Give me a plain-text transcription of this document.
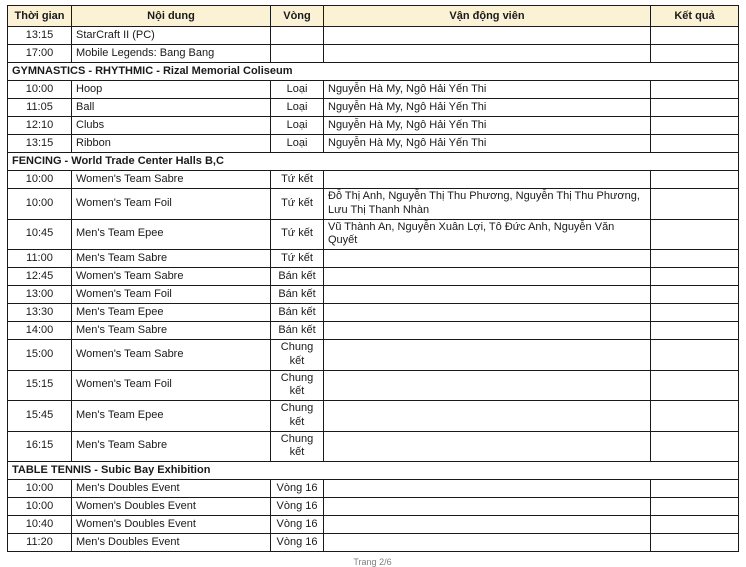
Thời gian	Nội dung	Vòng	Vận động viên	Kết quả
13:15	StarCraft II (PC)			
17:00	Mobile Legends: Bang Bang			
GYMNASTICS - RHYTHMIC - Rizal Memorial Coliseum				
10:00	Hoop	Loại	Nguyễn Hà My, Ngô Hải Yến Thi	
11:05	Ball	Loại	Nguyễn Hà My, Ngô Hải Yến Thi	
12:10	Clubs	Loại	Nguyễn Hà My, Ngô Hải Yến Thi	
13:15	Ribbon	Loại	Nguyễn Hà My, Ngô Hải Yến Thi	
FENCING - World Trade Center Halls B,C				
10:00	Women's Team Sabre	Tứ kết		
10:00	Women's Team Foil	Tứ kết	Đỗ Thị Anh, Nguyễn Thị Thu Phương, Nguyễn Thị Thu Phương, Lưu Thị Thanh Nhàn	
10:45	Men's Team Epee	Tứ kết	Vũ Thành An, Nguyễn Xuân Lợi, Tô Đức Anh, Nguyễn Văn Quyết	
11:00	Men's Team Sabre	Tứ kết		
12:45	Women's Team Sabre	Bán kết		
13:00	Women's Team Foil	Bán kết		
13:30	Men's Team Epee	Bán kết		
14:00	Men's Team Sabre	Bán kết		
15:00	Women's Team Sabre	Chung kết		
15:15	Women's Team Foil	Chung kết		
15:45	Men's Team Epee	Chung kết		
16:15	Men's Team Sabre	Chung kết		
TABLE TENNIS - Subic Bay Exhibition				
10:00	Men's Doubles Event	Vòng 16		
10:00	Women's Doubles Event	Vòng 16		
10:40	Women's Doubles Event	Vòng 16		
11:20	Men's Doubles Event	Vòng 16		
Trang 2/6
